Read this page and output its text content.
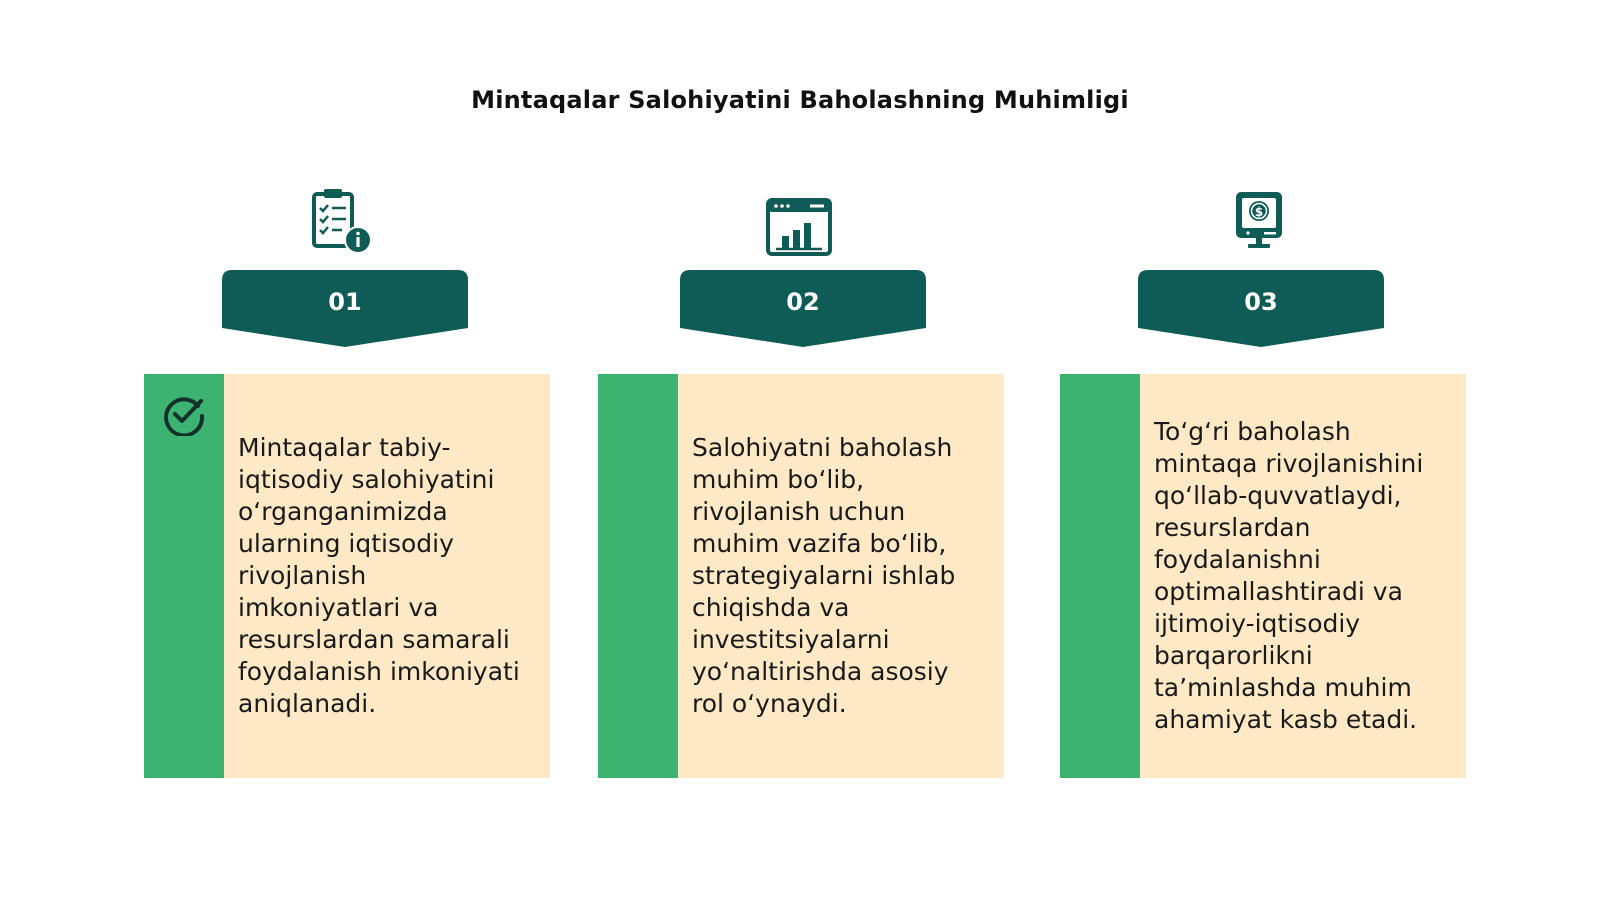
Mintaqalar Salohiyatini Baholashning Muhimligi
$
01	02	03
Mintaqalar tabiy-iqtisodiy salohiyatini o‘rganganimizda ularning iqtisodiy rivojlanish imkoniyatlari va resurslardan samarali foydalanish imkoniyati aniqlanadi.
Salohiyatni baholash muhim bo‘lib, rivojlanish uchun muhim vazifa bo‘lib, strategiyalarni ishlab chiqishda va investitsiyalarni yo‘naltirishda asosiy rol o‘ynaydi.
To‘g‘ri baholash mintaqa rivojlanishini qo‘llab-quvvatlaydi, resurslardan foydalanishni optimallashtiradi va ijtimoiy-iqtisodiy barqarorlikni ta’minlashda muhim ahamiyat kasb etadi.
